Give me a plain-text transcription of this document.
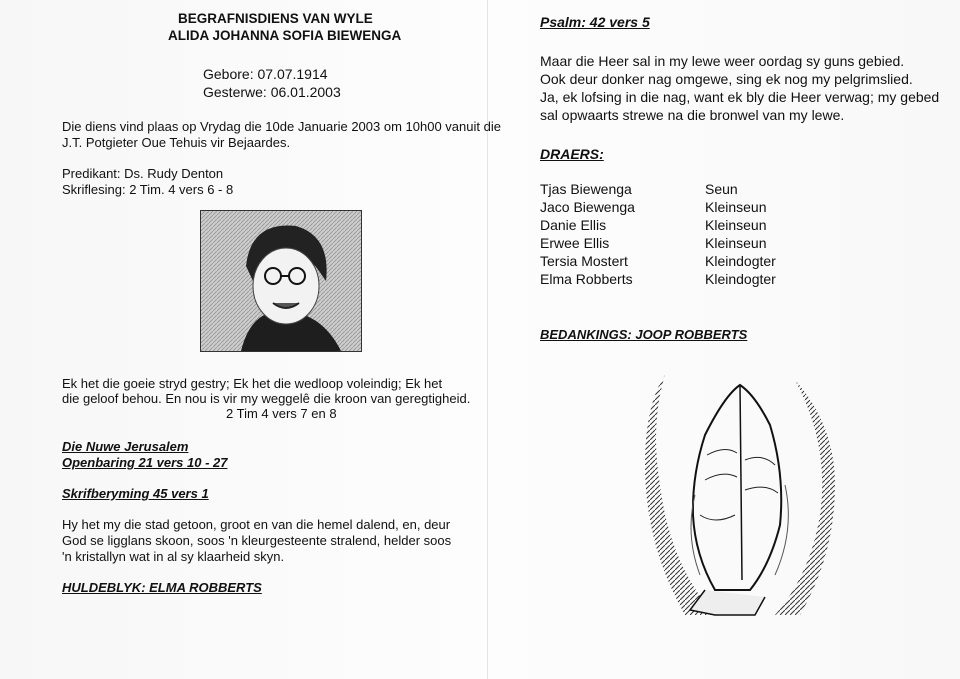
BEGRAFNISDIENS VAN WYLE
ALIDA JOHANNA SOFIA BIEWENGA
Gebore: 07.07.1914
Gesterwe: 06.01.2003
Die diens vind plaas op Vrydag die 10de Januarie 2003 om 10h00 vanuit die
J.T. Potgieter Oue Tehuis vir Bejaardes.
Predikant: Ds. Rudy Denton
Skriflesing: 2 Tim. 4 vers 6 - 8
Ek het die goeie stryd gestry; Ek het die wedloop voleindig; Ek het
die geloof behou. En nou is vir my weggelê die kroon van geregtigheid.
2 Tim 4 vers 7 en 8
Die Nuwe Jerusalem
Openbaring 21 vers 10 - 27
Skrifberyming 45 vers 1
Hy het my die stad getoon, groot en van die hemel dalend, en, deur
God se ligglans skoon, soos 'n kleurgesteente stralend, helder soos
'n kristallyn wat in al sy klaarheid skyn.
HULDEBLYK: ELMA ROBBERTS
Psalm: 42 vers 5
Maar die Heer sal in my lewe weer oordag sy guns gebied.
Ook deur donker nag omgewe, sing ek nog my pelgrimslied.
Ja, ek lofsing in die nag, want ek bly die Heer verwag; my gebed
sal opwaarts strewe na die bronwel van my lewe.
DRAERS:
Tjas Biewenga	Seun
Jaco Biewenga	Kleinseun
Danie Ellis	Kleinseun
Erwee Ellis	Kleinseun
Tersia Mostert	Kleindogter
Elma Robberts	Kleindogter
BEDANKINGS: JOOP ROBBERTS
